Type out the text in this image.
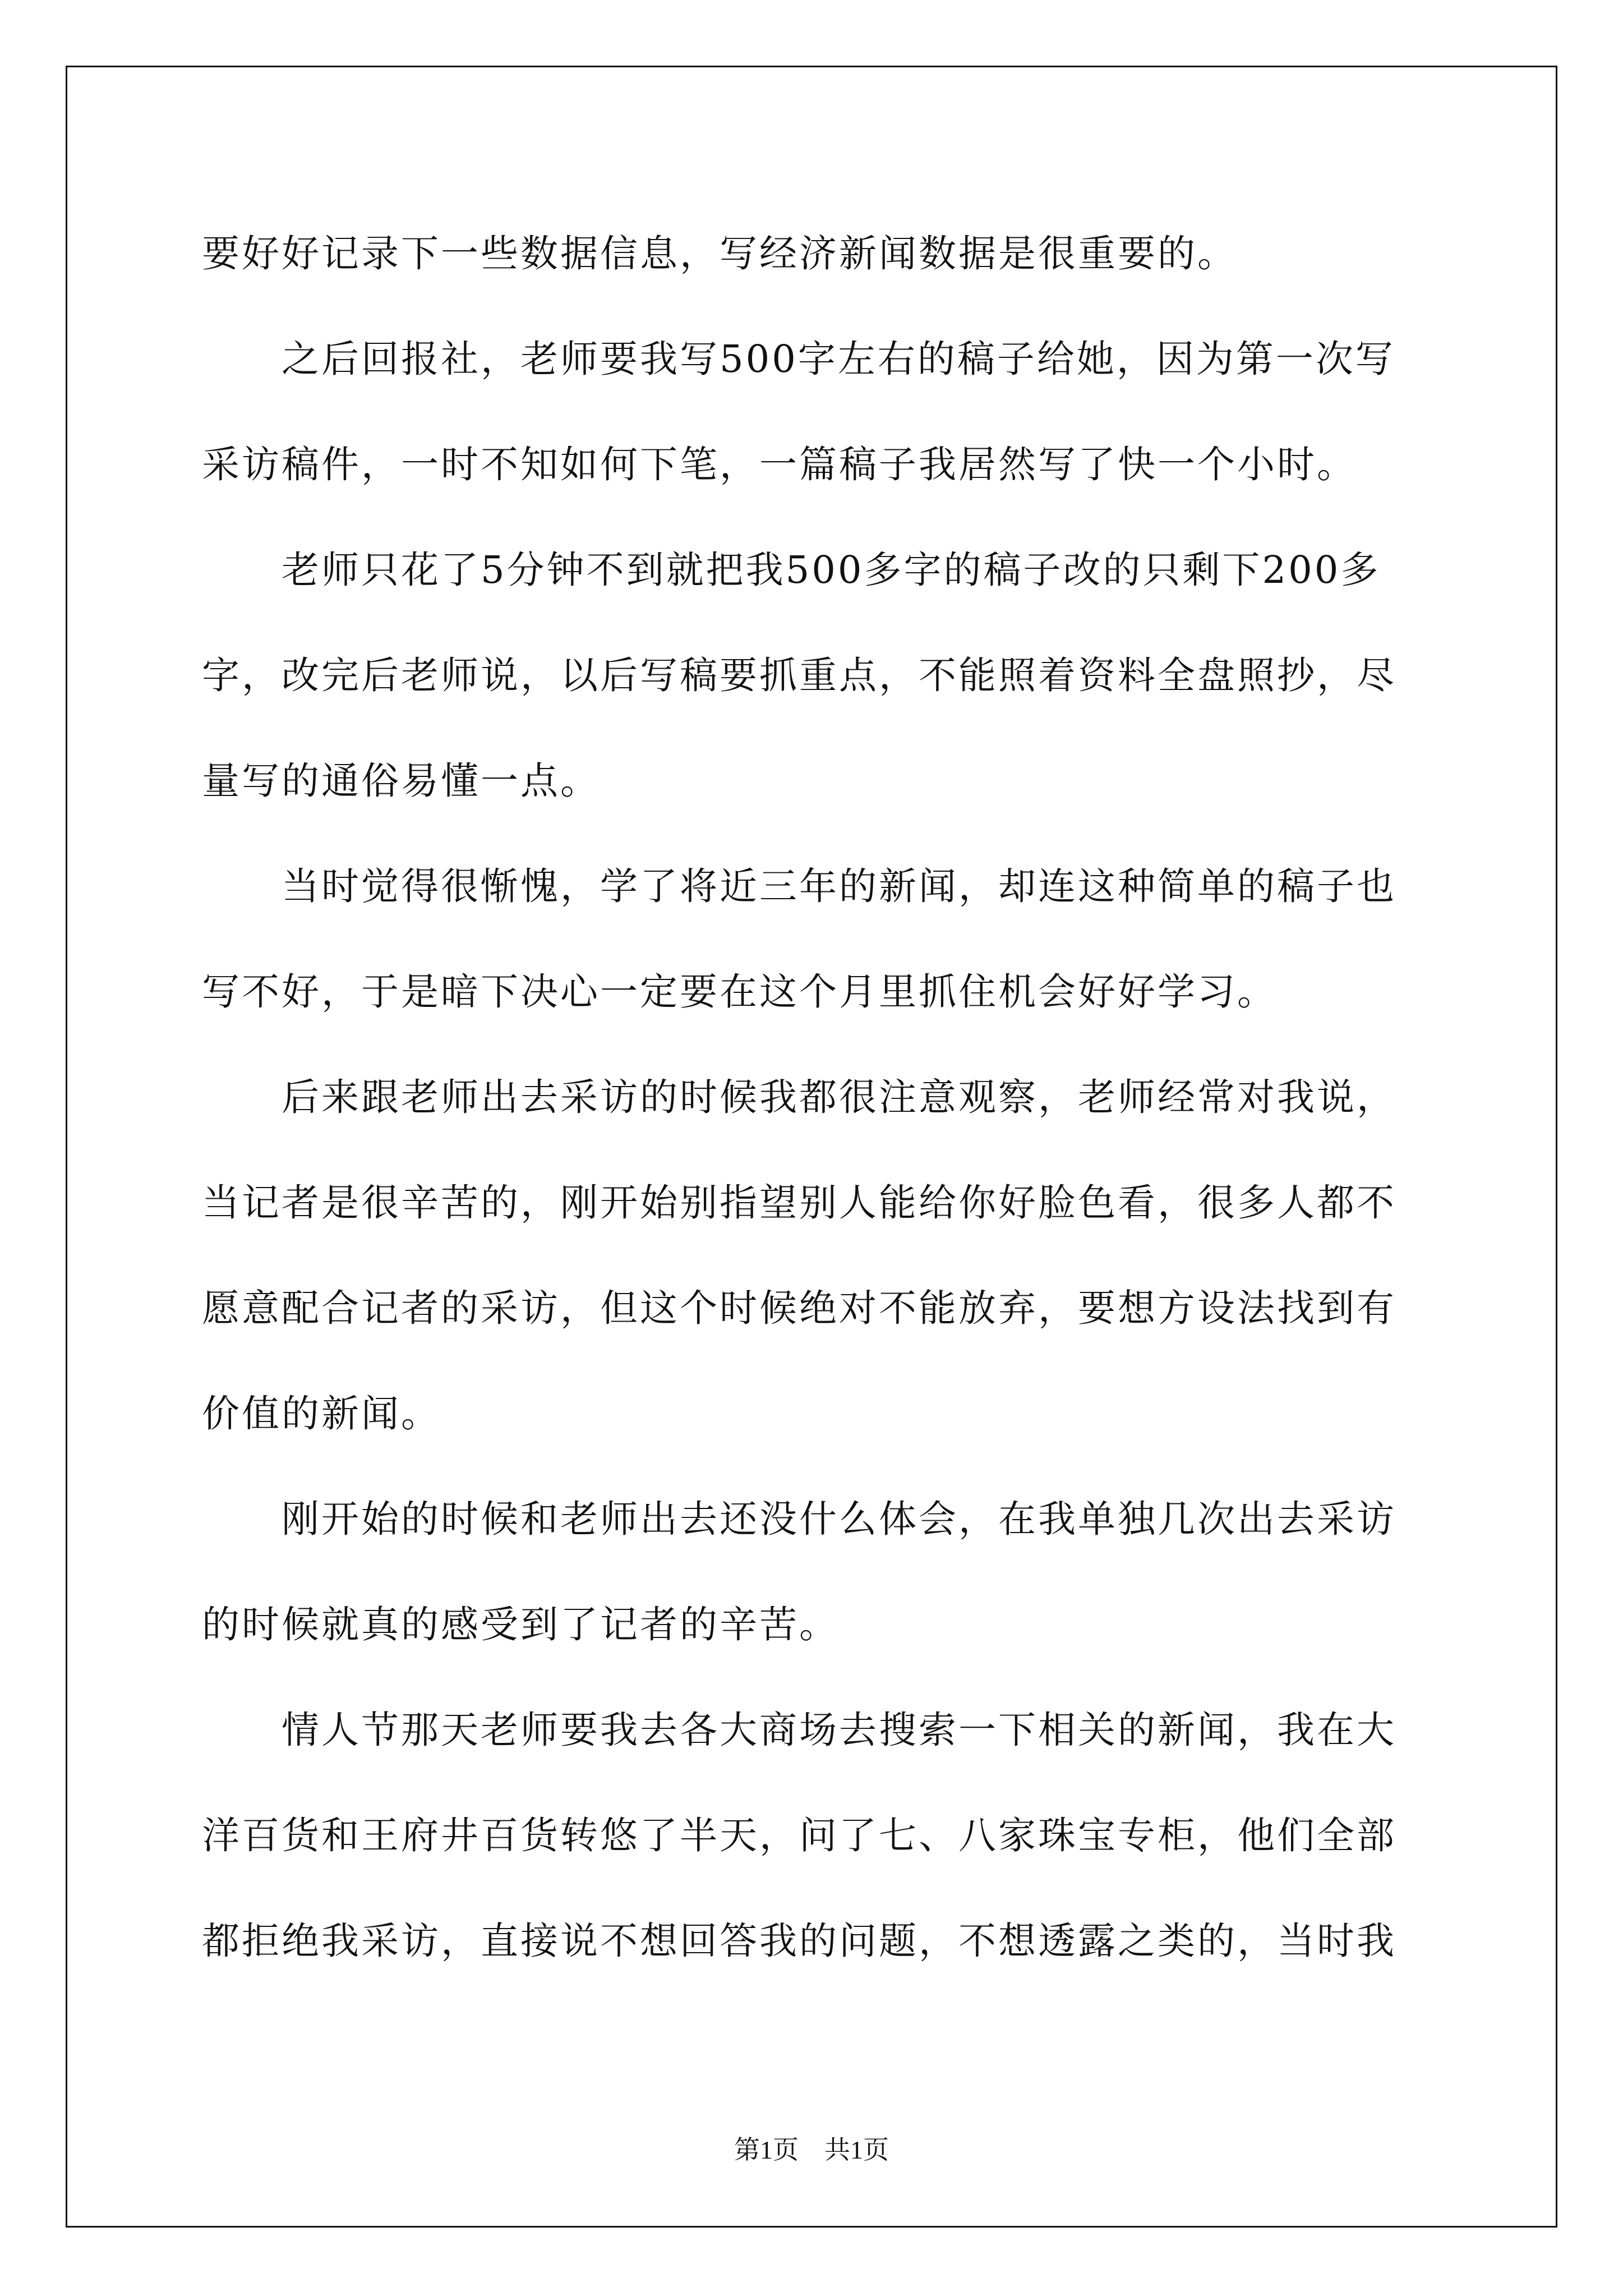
要好好记录下一些数据信息，写经济新闻数据是很重要的。
　　之后回报社，老师要我写500字左右的稿子给她，因为第一次写
采访稿件，一时不知如何下笔，一篇稿子我居然写了快一个小时。
　　老师只花了5分钟不到就把我500多字的稿子改的只剩下200多
字，改完后老师说，以后写稿要抓重点，不能照着资料全盘照抄，尽
量写的通俗易懂一点。
　　当时觉得很惭愧，学了将近三年的新闻，却连这种简单的稿子也
写不好，于是暗下决心一定要在这个月里抓住机会好好学习。
　　后来跟老师出去采访的时候我都很注意观察，老师经常对我说，
当记者是很辛苦的，刚开始别指望别人能给你好脸色看，很多人都不
愿意配合记者的采访，但这个时候绝对不能放弃，要想方设法找到有
价值的新闻。
　　刚开始的时候和老师出去还没什么体会，在我单独几次出去采访
的时候就真的感受到了记者的辛苦。
　　情人节那天老师要我去各大商场去搜索一下相关的新闻，我在大
洋百货和王府井百货转悠了半天，问了七、八家珠宝专柜，他们全部
都拒绝我采访，直接说不想回答我的问题，不想透露之类的，当时我
第1页　共1页
